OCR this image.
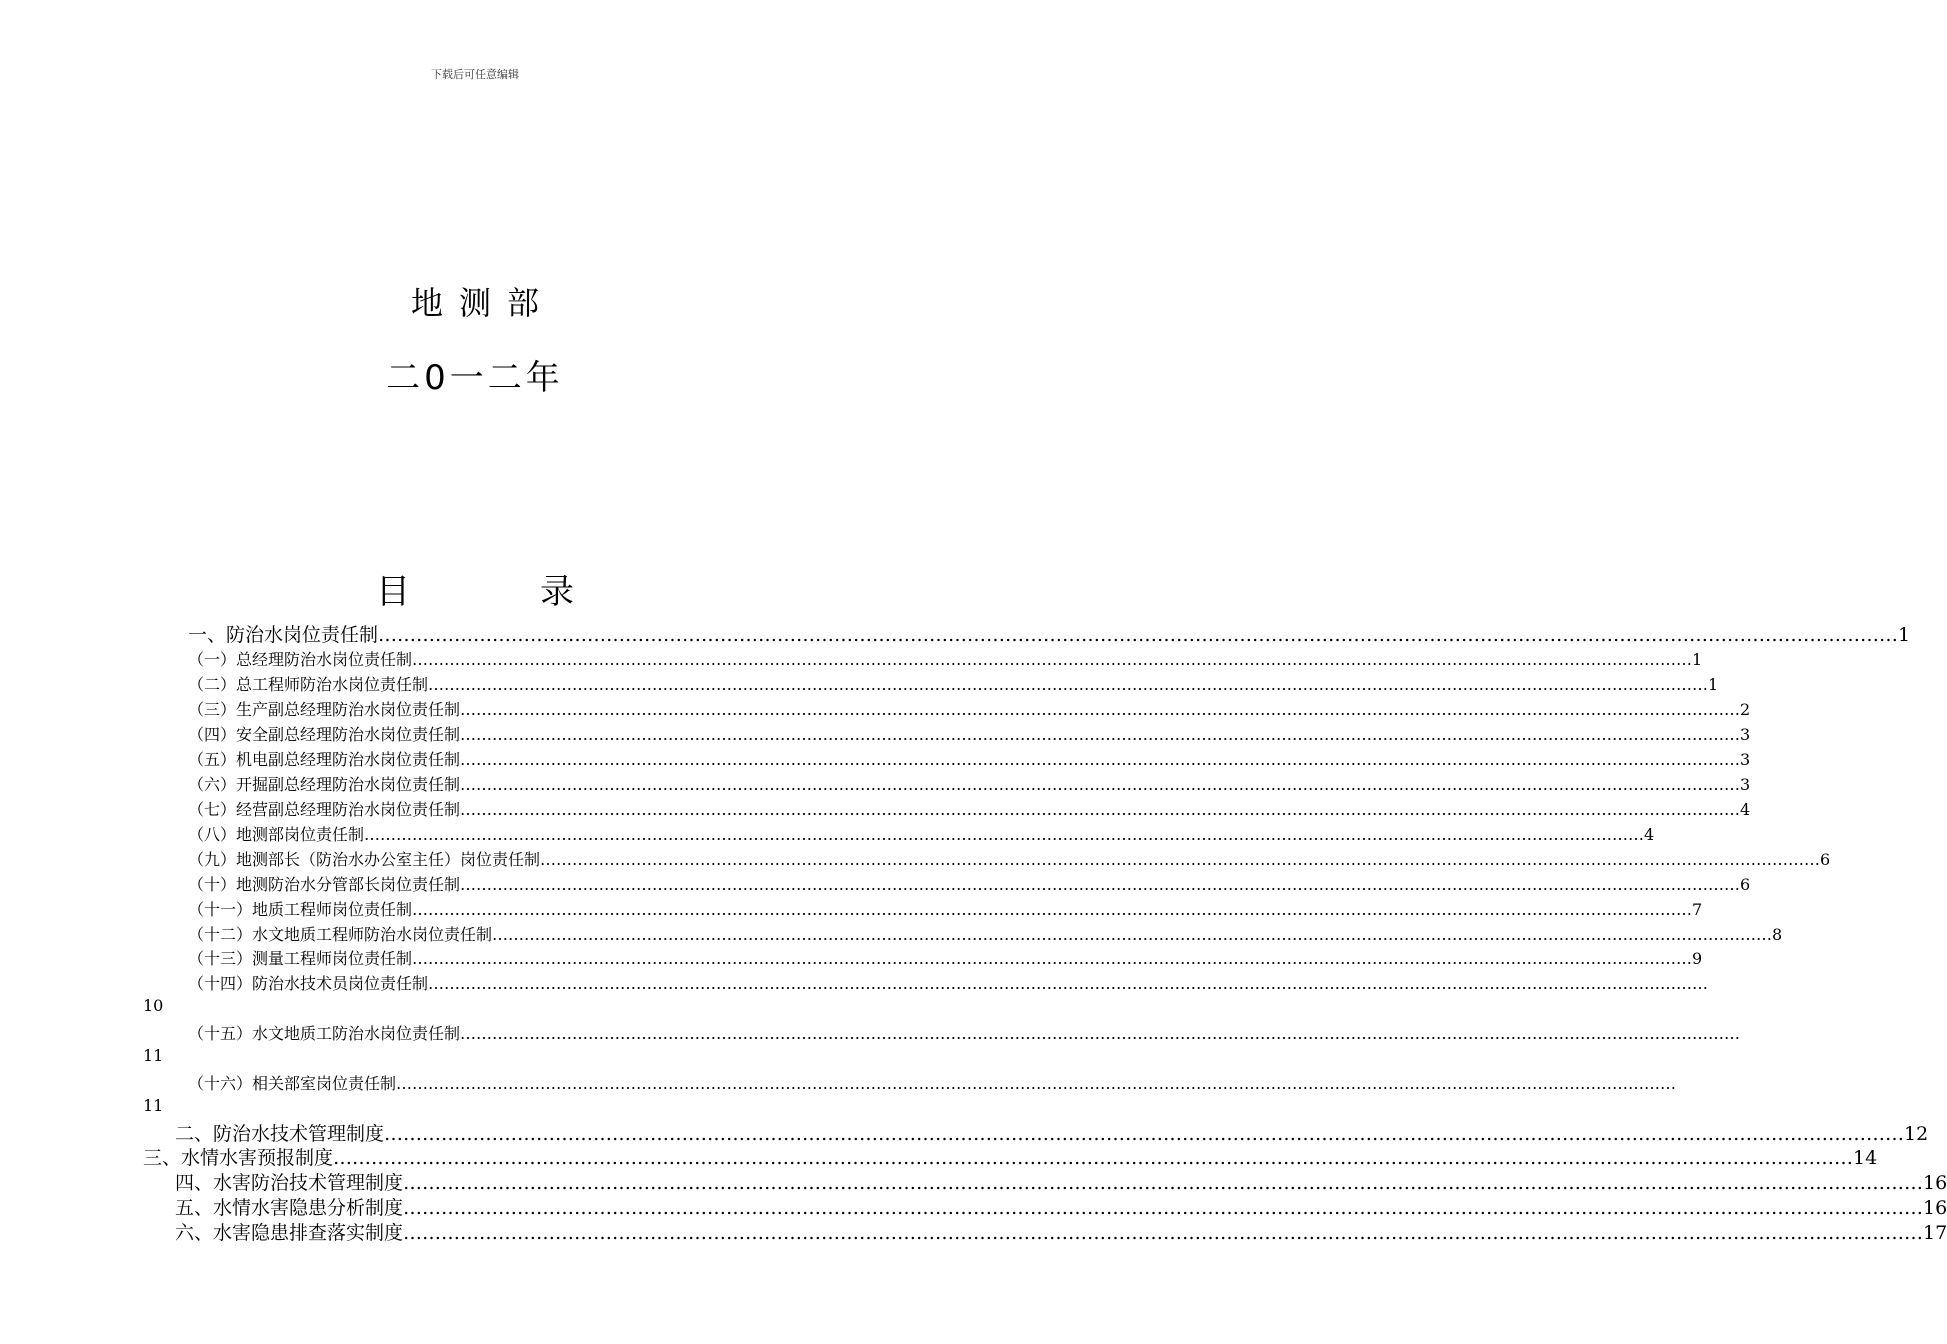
下载后可任意编辑
地测部
二0一二年
目	录
一、防治水岗位责任制 …………………………………………………………………………………………………………………………………………………………………………………………………………………… 1
（一）总经理防治水岗位责任制 …………………………………………………………………………………………………………………………………………………………………………………………………………………… 1
（二）总工程师防治水岗位责任制 …………………………………………………………………………………………………………………………………………………………………………………………………………………… 1
（三）生产副总经理防治水岗位责任制 …………………………………………………………………………………………………………………………………………………………………………………………………………………… 2
（四）安全副总经理防治水岗位责任制 …………………………………………………………………………………………………………………………………………………………………………………………………………………… 3
（五）机电副总经理防治水岗位责任制 …………………………………………………………………………………………………………………………………………………………………………………………………………………… 3
（六）开掘副总经理防治水岗位责任制 …………………………………………………………………………………………………………………………………………………………………………………………………………………… 3
（七）经营副总经理防治水岗位责任制 …………………………………………………………………………………………………………………………………………………………………………………………………………………… 4
（八）地测部岗位责任制 …………………………………………………………………………………………………………………………………………………………………………………………………………………… 4
（九）地测部长（防治水办公室主任）岗位责任制 …………………………………………………………………………………………………………………………………………………………………………………………………………………… 6
（十）地测防治水分管部长岗位责任制 …………………………………………………………………………………………………………………………………………………………………………………………………………………… 6
（十一）地质工程师岗位责任制 …………………………………………………………………………………………………………………………………………………………………………………………………………………… 7
（十二）水文地质工程师防治水岗位责任制 …………………………………………………………………………………………………………………………………………………………………………………………………………………… 8
（十三）测量工程师岗位责任制 …………………………………………………………………………………………………………………………………………………………………………………………………………………… 9
（十四）防治水技术员岗位责任制 ……………………………………………………………………………………………………………………………………………………………………………………………………………………
10
（十五）水文地质工防治水岗位责任制 ……………………………………………………………………………………………………………………………………………………………………………………………………………………
11
（十六）相关部室岗位责任制 ……………………………………………………………………………………………………………………………………………………………………………………………………………………
11
二、防治水技术管理制度 …………………………………………………………………………………………………………………………………………………………………………………………………………………… 12
三、水情水害预报制度 …………………………………………………………………………………………………………………………………………………………………………………………………………………… 14
四、水害防治技术管理制度 …………………………………………………………………………………………………………………………………………………………………………………………………………………… 16
五、水情水害隐患分析制度 …………………………………………………………………………………………………………………………………………………………………………………………………………………… 16
六、水害隐患排查落实制度 …………………………………………………………………………………………………………………………………………………………………………………………………………………… 17
